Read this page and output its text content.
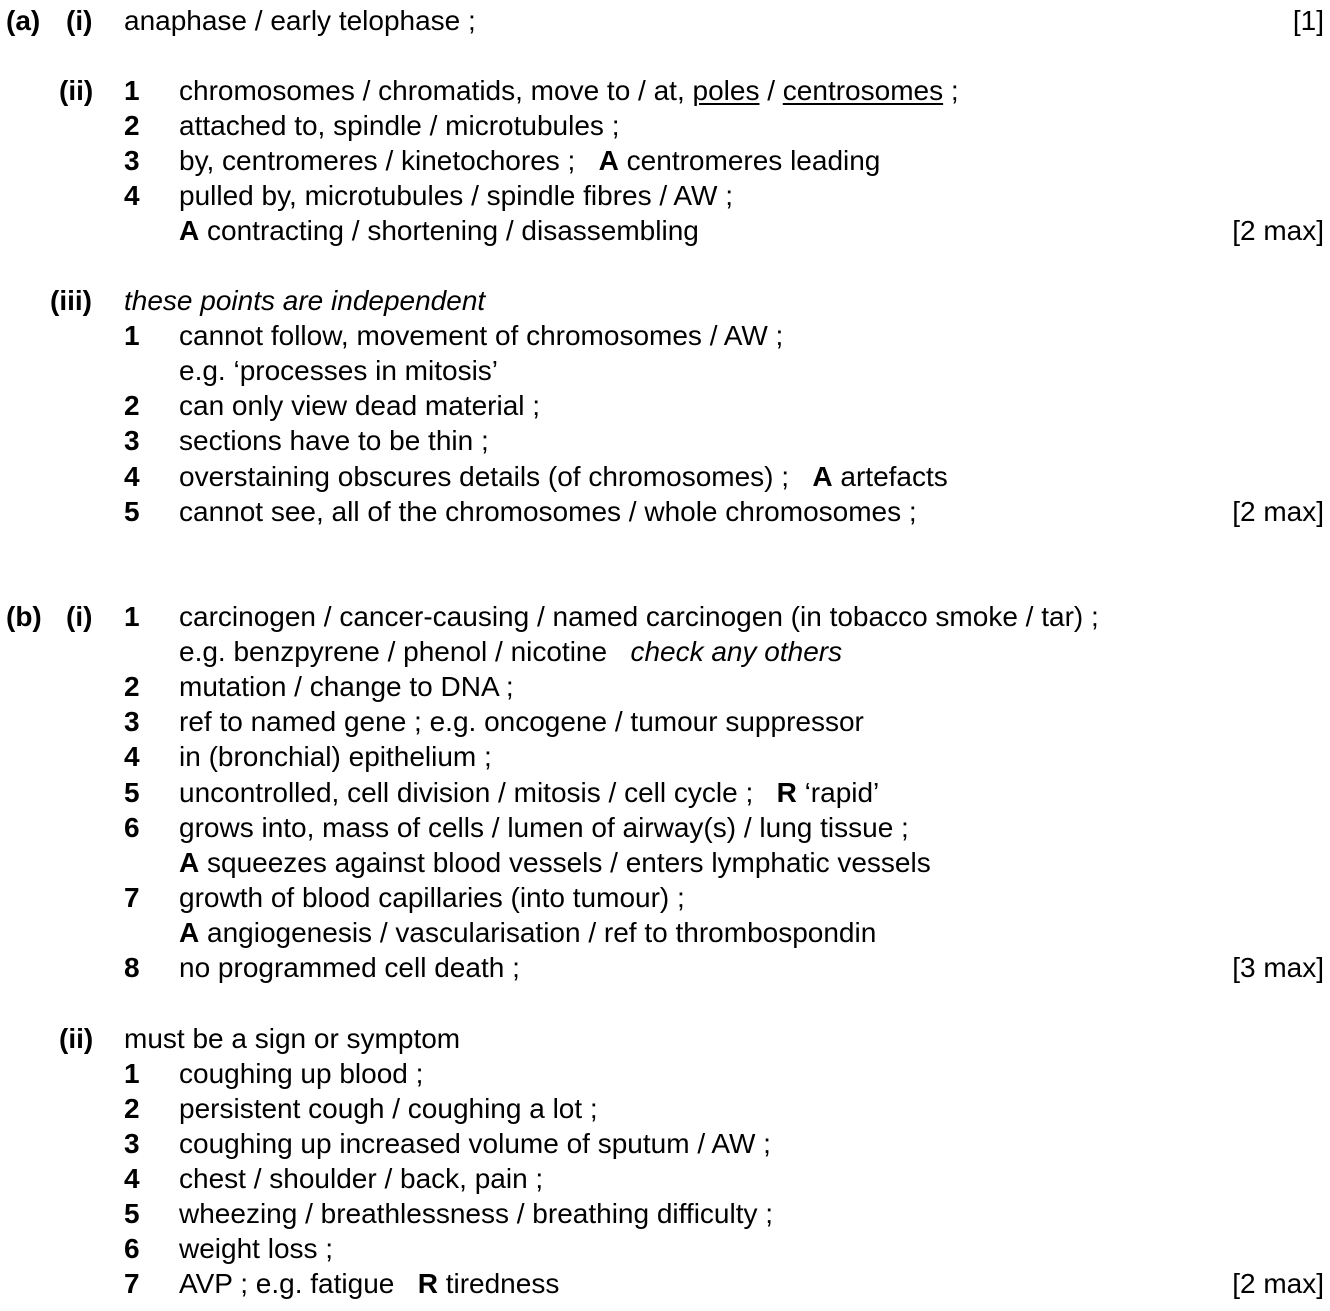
(a) (i) anaphase / early telophase ;	[1]
(ii) 1 chromosomes / chromatids, move to / at, poles / centrosomes ;
2 attached to, spindle / microtubules ;
3 by, centromeres / kinetochores ; A centromeres leading
4 pulled by, microtubules / spindle fibres / AW ;
A contracting / shortening / disassembling	[2 max]
(iii) these points are independent
1 cannot follow, movement of chromosomes / AW ;
e.g. ‘processes in mitosis’
2 can only view dead material ;
3 sections have to be thin ;
4 overstaining obscures details (of chromosomes) ; A artefacts
5 cannot see, all of the chromosomes / whole chromosomes ;	[2 max]
(b) (i) 1 carcinogen / cancer-causing / named carcinogen (in tobacco smoke / tar) ;
e.g. benzpyrene / phenol / nicotine check any others
2 mutation / change to DNA ;
3 ref to named gene ; e.g. oncogene / tumour suppressor
4 in (bronchial) epithelium ;
5 uncontrolled, cell division / mitosis / cell cycle ; R ‘rapid’
6 grows into, mass of cells / lumen of airway(s) / lung tissue ;
A squeezes against blood vessels / enters lymphatic vessels
7 growth of blood capillaries (into tumour) ;
A angiogenesis / vascularisation / ref to thrombospondin
8 no programmed cell death ;	[3 max]
(ii) must be a sign or symptom
1 coughing up blood ;
2 persistent cough / coughing a lot ;
3 coughing up increased volume of sputum / AW ;
4 chest / shoulder / back, pain ;
5 wheezing / breathlessness / breathing difficulty ;
6 weight loss ;
7 AVP ; e.g. fatigue R tiredness	[2 max]
